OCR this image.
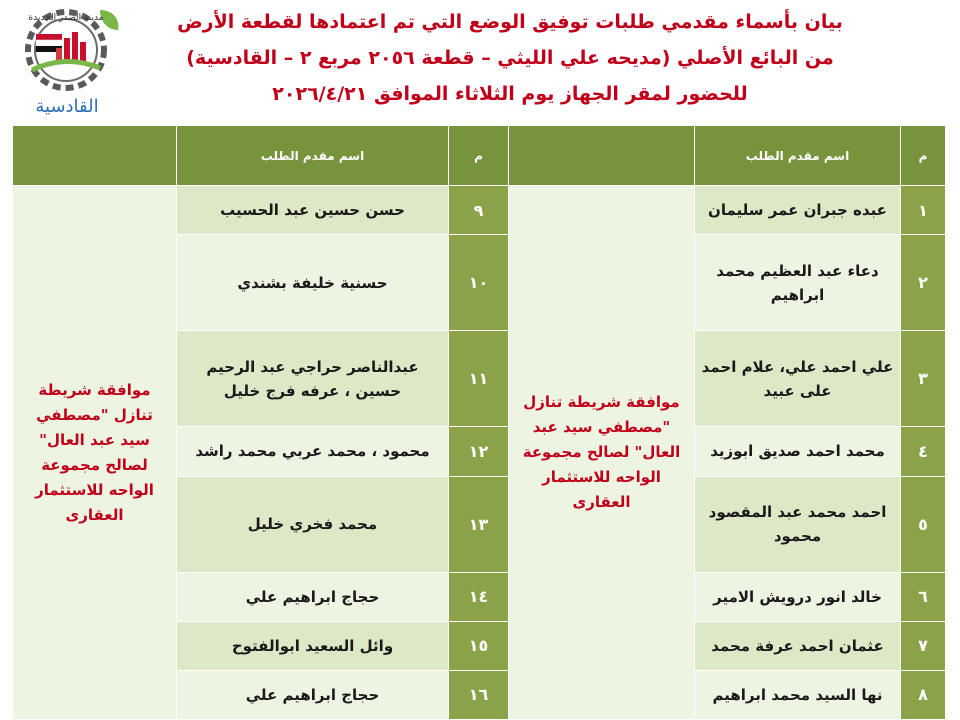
مدينة الصدر الجديدة
القادسية
بيان بأسماء مقدمي طلبات توفيق الوضع التي تم اعتمادها لقطعة الأرض
من البائع الأصلي (مديحه علي الليثي – قطعة ٢٠٥٦ مربع ٢ – القادسية)
للحضور لمقر الجهاز يوم الثلاثاء الموافق ٢٠٢٦/٤/٢١
م	اسم مقدم الطلب		م	اسم مقدم الطلب	
١	عبده جبران عمر سليمان	موافقة شريطة تنازل "مصطفي سيد عبد العال" لصالح مجموعة الواحه للاستثمار العقارى	٩	حسن حسين عبد الحسيب	موافقة شريطة تنازل "مصطفي سيد عبد العال" لصالح مجموعة الواحه للاستثمار العقارى
٢	دعاء عبد العظيم محمد ابراهيم		١٠	حسنية خليفة بشندي	
٣	علي احمد علي، علام احمد على عبيد		١١	عبدالناصر حراجي عبد الرحيم حسين ، عرفه فرج خليل	
٤	محمد احمد صديق ابوزيد		١٢	محمود ، محمد عربي محمد راشد	
٥	احمد محمد عبد المقصود محمود		١٣	محمد فخري خليل	
٦	خالد انور درويش الامير		١٤	حجاج ابراهيم علي	
٧	عثمان احمد عرفة محمد		١٥	وائل السعيد ابوالفتوح	
٨	نها السيد محمد ابراهيم		١٦	حجاج ابراهيم علي	
